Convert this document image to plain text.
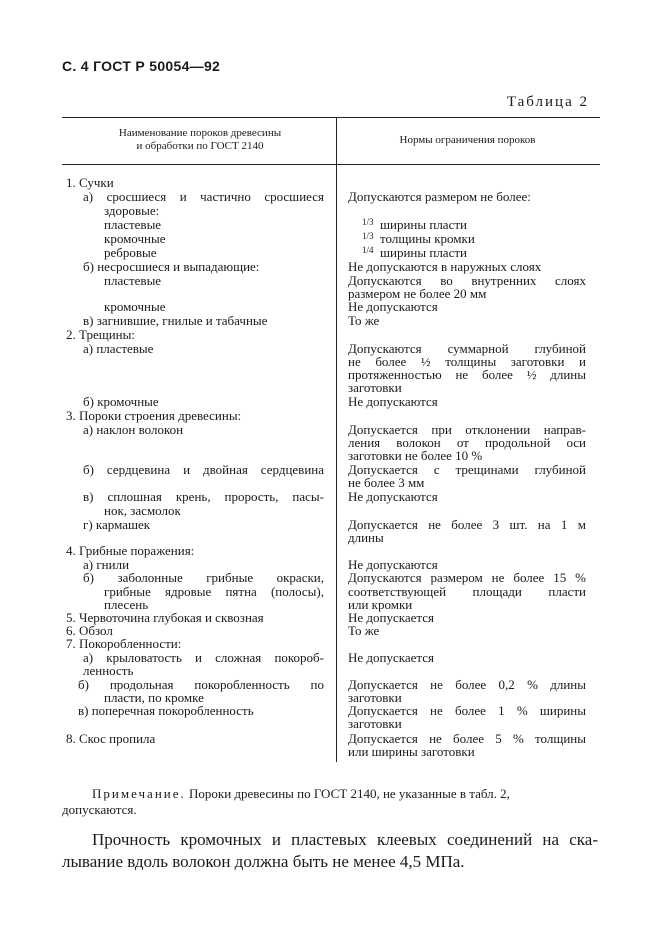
С. 4 ГОСТ Р 50054—92
Таблица 2
Наименование пороков древесины
и обработки по ГОСТ 2140	Нормы ограничения пороков
1. Сучки
а) сросшиеся и частично сросшиеся
здоровые:
пластевые
кромочные
ребровые
б) несросшиеся и выпадающие:
пластевые
кромочные
в) загнившие, гнилые и табачные
2. Трещины:
а) пластевые
б) кромочные
3. Пороки строения древесины:
а) наклон волокон
б) сердцевина и двойная сердцевина
в) сплошная крень, прорость, пасы-
нок, засмолок
г) кармашек
4. Грибные поражения:
а) гнили
б) заболонные грибные окраски,
грибные ядровые пятна (полосы),
плесень
5. Червоточина глубокая и сквозная
6. Обзол
7. Покоробленности:
а) крыловатость и сложная покороб-
ленность
б) продольная покоробленность по
пласти, по кромке
в) поперечная покоробленность
8. Скос пропила
Допускаются размером не более:
1/3 ширины пласти
1/3 толщины кромки
1/4 ширины пласти
Не допускаются в наружных слоях
Допускаются во внутренних слоях
размером не более 20 мм
Не допускаются
То же
Допускаются суммарной глубиной
не более ½ толщины заготовки и
протяженностью не более ½ длины
заготовки
Не допускаются
Допускается при отклонении направ-
ления волокон от продольной оси
заготовки не более 10 %
Допускается с трещинами глубиной
не более 3 мм
Не допускаются
Допускается не более 3 шт. на 1 м
длины
Не допускаются
Допускаются размером не более 15 %
соответствующей площади пласти
или кромки
Не допускается
То же
Не допускается
Допускается не более 0,2 % длины
заготовки
Допускается не более 1 % ширины
заготовки
Допускается не более 5 % толщины
или ширины заготовки
Примечание. Пороки древесины по ГОСТ 2140, не указанные в табл. 2,
допускаются.
Прочность кромочных и пластевых клеевых соединений на ска-
лывание вдоль волокон должна быть не менее 4,5 МПа.
